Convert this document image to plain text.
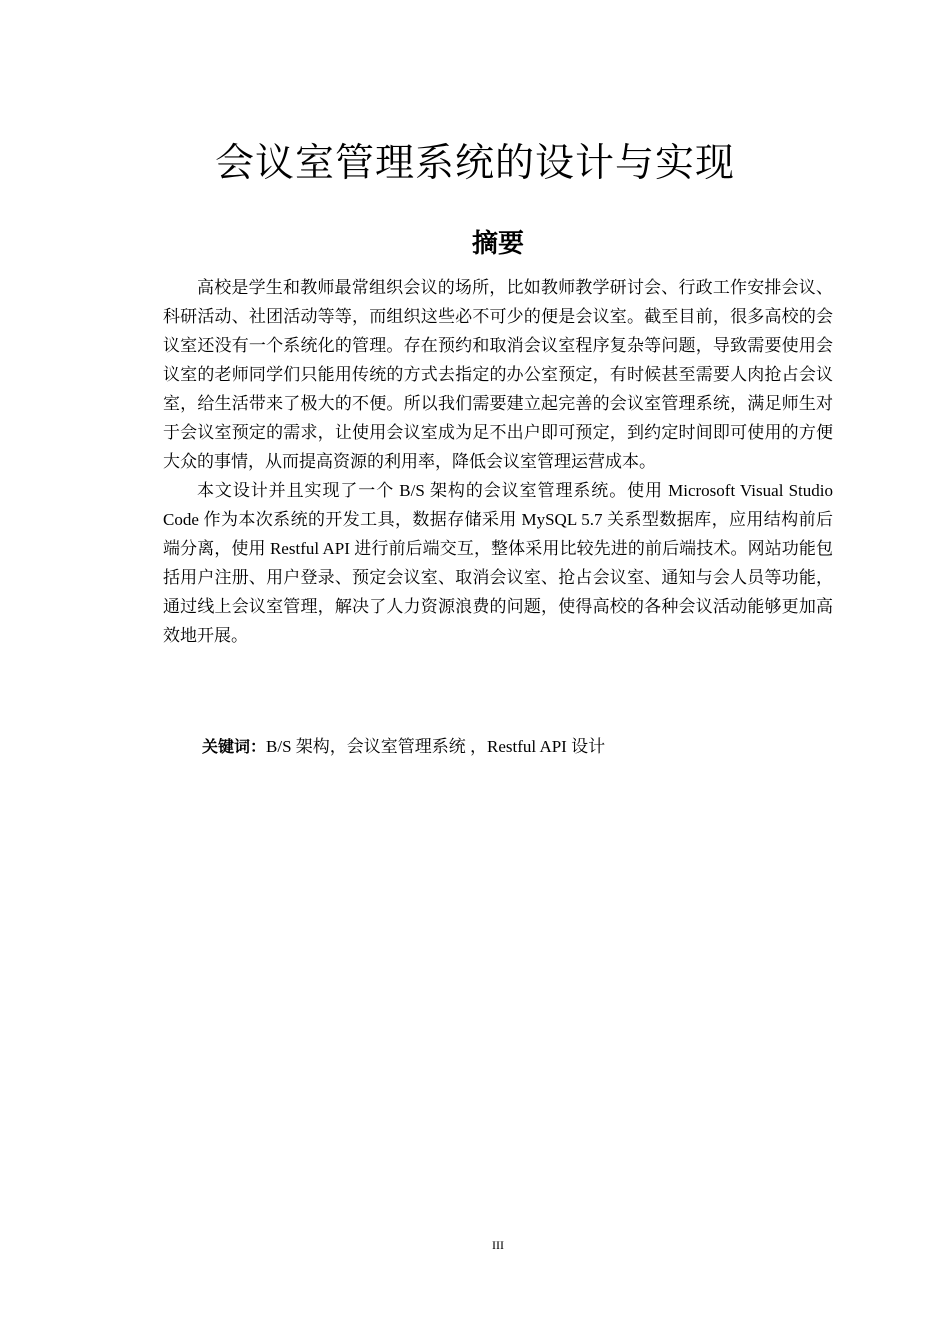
会议室管理系统的设计与实现
摘要

高校是学生和教师最常组织会议的场所，比如教师教学研讨会、行政工作安排会议、科研活动、社团活动等等，而组织这些必不可少的便是会议室。截至目前，很多高校的会议室还没有一个系统化的管理。存在预约和取消会议室程序复杂等问题，导致需要使用会议室的老师同学们只能用传统的方式去指定的办公室预定，有时候甚至需要人肉抢占会议室，给生活带来了极大的不便。所以我们需要建立起完善的会议室管理系统，满足师生对于会议室预定的需求，让使用会议室成为足不出户即可预定，到约定时间即可使用的方便大众的事情，从而提高资源的利用率，降低会议室管理运营成本。

本文设计并且实现了一个 B/S 架构的会议室管理系统。使用 Microsoft Visual Studio Code 作为本次系统的开发工具，数据存储采用 MySQL 5.7 关系型数据库，应用结构前后端分离，使用 Restful API 进行前后端交互，整体采用比较先进的前后端技术。网站功能包括用户注册、用户登录、预定会议室、取消会议室、抢占会议室、通知与会人员等功能，通过线上会议室管理，解决了人力资源浪费的问题，使得高校的各种会议活动能够更加高效地开展。

关键词：B/S 架构，会议室管理系统 ，Restful API 设计
III
